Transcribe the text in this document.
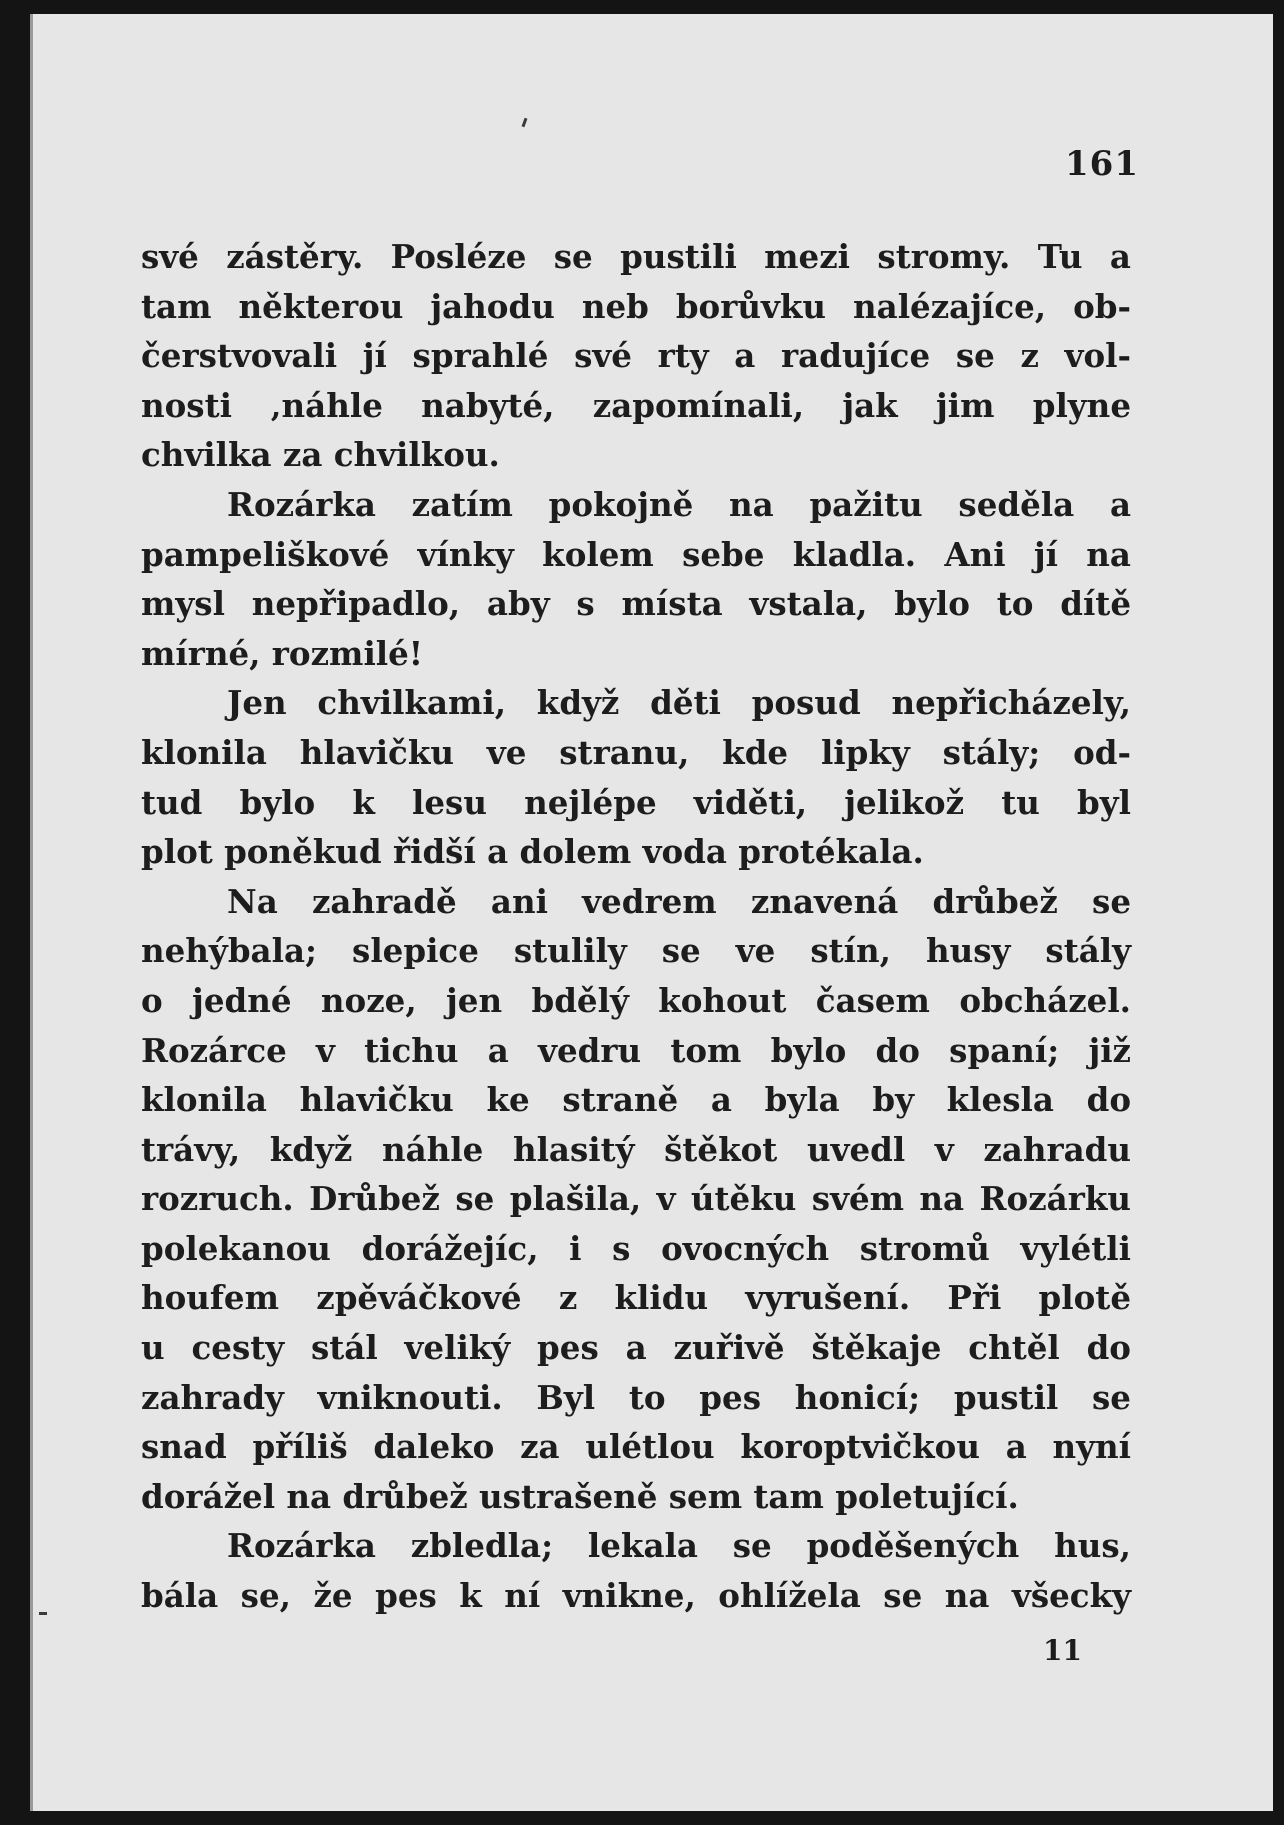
161
své zástěry. Posléze se pustili mezi stromy. Tu a
tam některou jahodu neb borůvku nalézajíce, ob-
čerstvovali jí sprahlé své rty a radujíce se z vol-
nosti ‚náhle nabyté, zapomínali, jak jim plyne
chvilka za chvilkou.
Rozárka zatím pokojně na pažitu seděla a
pampeliškové vínky kolem sebe kladla. Ani jí na
mysl nepřipadlo, aby s místa vstala, bylo to dítě
mírné, rozmilé!
Jen chvilkami, když děti posud nepřicházely,
klonila hlavičku ve stranu, kde lipky stály; od-
tud bylo k lesu nejlépe viděti, jelikož tu byl
plot poněkud řidší a dolem voda protékala.
Na zahradě ani vedrem znavená drůbež se
nehýbala; slepice stulily se ve stín, husy stály
o jedné noze, jen bdělý kohout časem obcházel.
Rozárce v tichu a vedru tom bylo do spaní; již
klonila hlavičku ke straně a byla by klesla do
trávy, když náhle hlasitý štěkot uvedl v zahradu
rozruch. Drůbež se plašila, v útěku svém na Rozárku
polekanou dorážejíc, i s ovocných stromů vylétli
houfem zpěváčkové z klidu vyrušení. Při plotě
u cesty stál veliký pes a zuřivě štěkaje chtěl do
zahrady vniknouti. Byl to pes honicí; pustil se
snad příliš daleko za ulétlou koroptvičkou a nyní
dorážel na drůbež ustrašeně sem tam poletující.
Rozárka zbledla; lekala se poděšených hus,
bála se, že pes k ní vnikne, ohlížela se na všecky
11
